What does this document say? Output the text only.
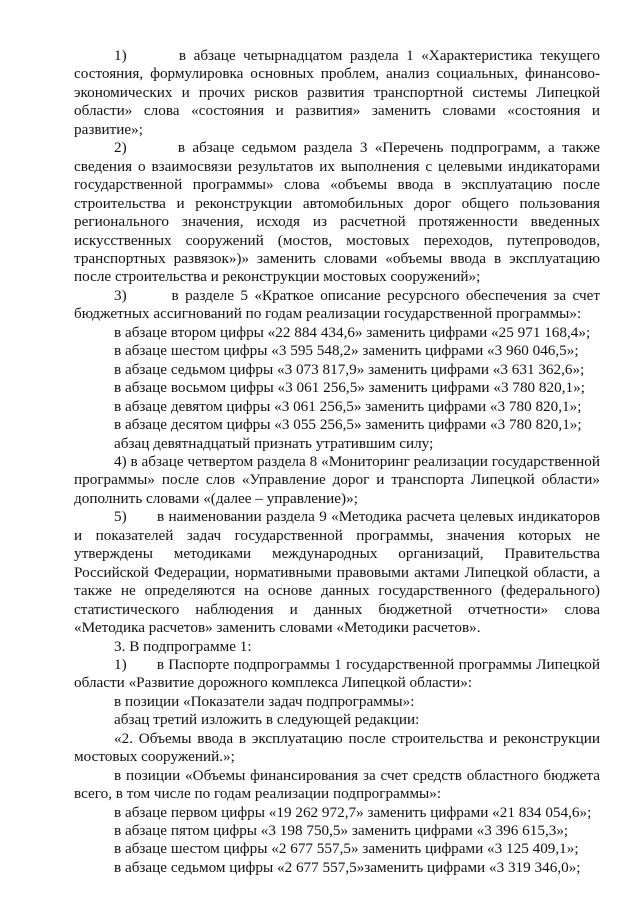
1)       в абзаце четырнадцатом раздела 1 «Характеристика текущего состояния, формулировка основных проблем, анализ социальных, финансово-экономических и прочих рисков развития транспортной системы Липецкой области» слова «состояния и развития» заменить словами «состояния и развитие»;

2)       в абзаце седьмом раздела 3 «Перечень подпрограмм, а также сведения о взаимосвязи результатов их выполнения с целевыми индикаторами государственной программы» слова «объемы ввода в эксплуатацию после строительства и реконструкции автомобильных дорог общего пользования регионального значения, исходя из расчетной протяженности введенных искусственных сооружений (мостов, мостовых переходов, путепроводов, транспортных развязок»)» заменить словами «объемы ввода в эксплуатацию после строительства и реконструкции мостовых сооружений»;

3)       в разделе 5 «Краткое описание ресурсного обеспечения за счет бюджетных ассигнований по годам реализации государственной программы»:

в абзаце втором цифры «22 884 434,6» заменить цифрами «25 971 168,4»;

в абзаце шестом цифры «3 595 548,2» заменить цифрами «3 960 046,5»;

в абзаце седьмом цифры «3 073 817,9» заменить цифрами «3 631 362,6»;

в абзаце восьмом цифры «3 061 256,5» заменить цифрами «3 780 820,1»;

в абзаце девятом цифры «3 061 256,5» заменить цифрами «3 780 820,1»;

в абзаце десятом цифры «3 055 256,5» заменить цифрами «3 780 820,1»;

абзац девятнадцатый признать утратившим силу;

4) в абзаце четвертом раздела 8 «Мониторинг реализации государственной программы» после слов «Управление дорог и транспорта Липецкой области» дополнить словами «(далее – управление)»;

5)       в наименовании раздела 9 «Методика расчета целевых индикаторов и показателей задач государственной программы, значения которых не утверждены методиками международных организаций, Правительства Российской Федерации, нормативными правовыми актами Липецкой области, а также не определяются на основе данных государственного (федерального) статистического наблюдения и данных бюджетной отчетности» слова «Методика расчетов» заменить словами «Методики расчетов».

3. В подпрограмме 1:

1)       в Паспорте подпрограммы 1 государственной программы Липецкой области «Развитие дорожного комплекса Липецкой области»:

в позиции «Показатели задач подпрограммы»:

абзац третий изложить в следующей редакции:

«2. Объемы ввода в эксплуатацию после строительства и реконструкции мостовых сооружений.»;

в позиции «Объемы финансирования за счет средств областного бюджета всего, в том числе по годам реализации подпрограммы»:

в абзаце первом цифры «19 262 972,7» заменить цифрами «21 834 054,6»;

в абзаце пятом цифры «3 198 750,5» заменить цифрами «3 396 615,3»;

в абзаце шестом цифры «2 677 557,5» заменить цифрами «3 125 409,1»;

в абзаце седьмом цифры «2 677 557,5»заменить цифрами «3 319 346,0»;
